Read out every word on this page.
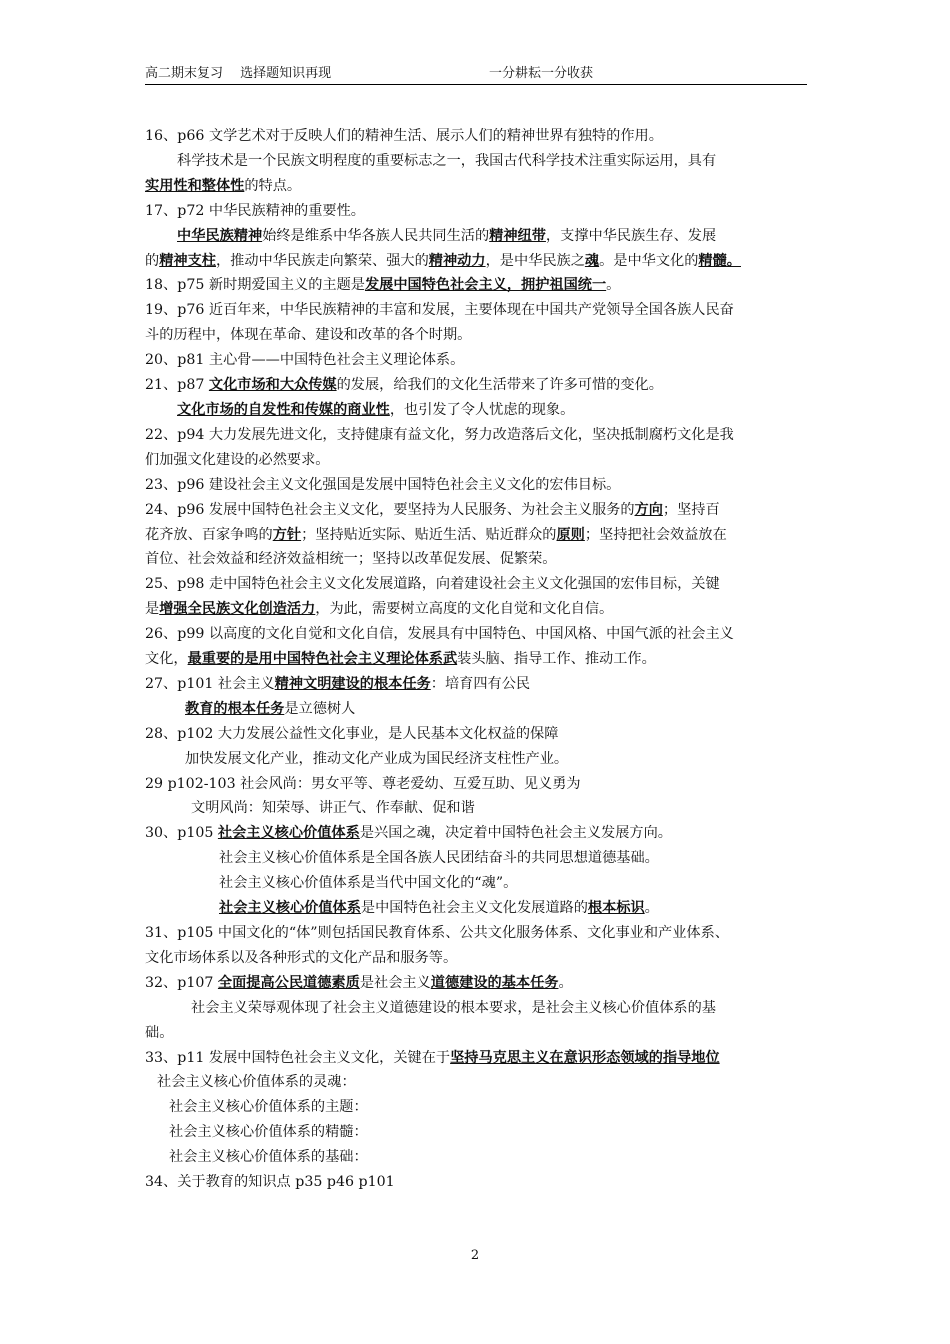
高二期末复习　 选择题知识再现	一分耕耘一分收获
16、p66 文学艺术对于反映人们的精神生活、展示人们的精神世界有独特的作用。
科学技术是一个民族文明程度的重要标志之一，我国古代科学技术注重实际运用，具有
实用性和整体性的特点。
17、p72 中华民族精神的重要性。
中华民族精神始终是维系中华各族人民共同生活的精神纽带，支撑中华民族生存、发展
的精神支柱，推动中华民族走向繁荣、强大的精神动力，是中华民族之魂。是中华文化的精髓。
18、p75 新时期爱国主义的主题是发展中国特色社会主义，拥护祖国统一。
19、p76 近百年来，中华民族精神的丰富和发展，主要体现在中国共产党领导全国各族人民奋
斗的历程中，体现在革命、建设和改革的各个时期。
20、p81 主心骨——中国特色社会主义理论体系。
21、p87 文化市场和大众传媒的发展，给我们的文化生活带来了许多可惜的变化。
文化市场的自发性和传媒的商业性，也引发了令人忧虑的现象。
22、p94 大力发展先进文化，支持健康有益文化，努力改造落后文化，坚决抵制腐朽文化是我
们加强文化建设的必然要求。
23、p96 建设社会主义文化强国是发展中国特色社会主义文化的宏伟目标。
24、p96 发展中国特色社会主义文化，要坚持为人民服务、为社会主义服务的方向；坚持百
花齐放、百家争鸣的方针；坚持贴近实际、贴近生活、贴近群众的原则；坚持把社会效益放在
首位、社会效益和经济效益相统一；坚持以改革促发展、促繁荣。
25、p98 走中国特色社会主义文化发展道路，向着建设社会主义文化强国的宏伟目标，关键
是增强全民族文化创造活力，为此，需要树立高度的文化自觉和文化自信。
26、p99 以高度的文化自觉和文化自信，发展具有中国特色、中国风格、中国气派的社会主义
文化，最重要的是用中国特色社会主义理论体系武装头脑、指导工作、推动工作。
27、p101 社会主义精神文明建设的根本任务：培育四有公民
教育的根本任务是立德树人
28、p102 大力发展公益性文化事业，是人民基本文化权益的保障
加快发展文化产业，推动文化产业成为国民经济支柱性产业。
29 p102-103 社会风尚：男女平等、尊老爱幼、互爱互助、见义勇为
文明风尚：知荣辱、讲正气、作奉献、促和谐
30、p105 社会主义核心价值体系是兴国之魂，决定着中国特色社会主义发展方向。
社会主义核心价值体系是全国各族人民团结奋斗的共同思想道德基础。
社会主义核心价值体系是当代中国文化的“魂”。
社会主义核心价值体系是中国特色社会主义文化发展道路的根本标识。
31、p105 中国文化的“体”则包括国民教育体系、公共文化服务体系、文化事业和产业体系、
文化市场体系以及各种形式的文化产品和服务等。
32、p107 全面提高公民道德素质是社会主义道德建设的基本任务。
社会主义荣辱观体现了社会主义道德建设的根本要求，是社会主义核心价值体系的基
础。
33、p11 发展中国特色社会主义文化，关键在于坚持马克思主义在意识形态领域的指导地位
社会主义核心价值体系的灵魂：
社会主义核心价值体系的主题：
社会主义核心价值体系的精髓：
社会主义核心价值体系的基础：
34、关于教育的知识点 p35 p46 p101
2
